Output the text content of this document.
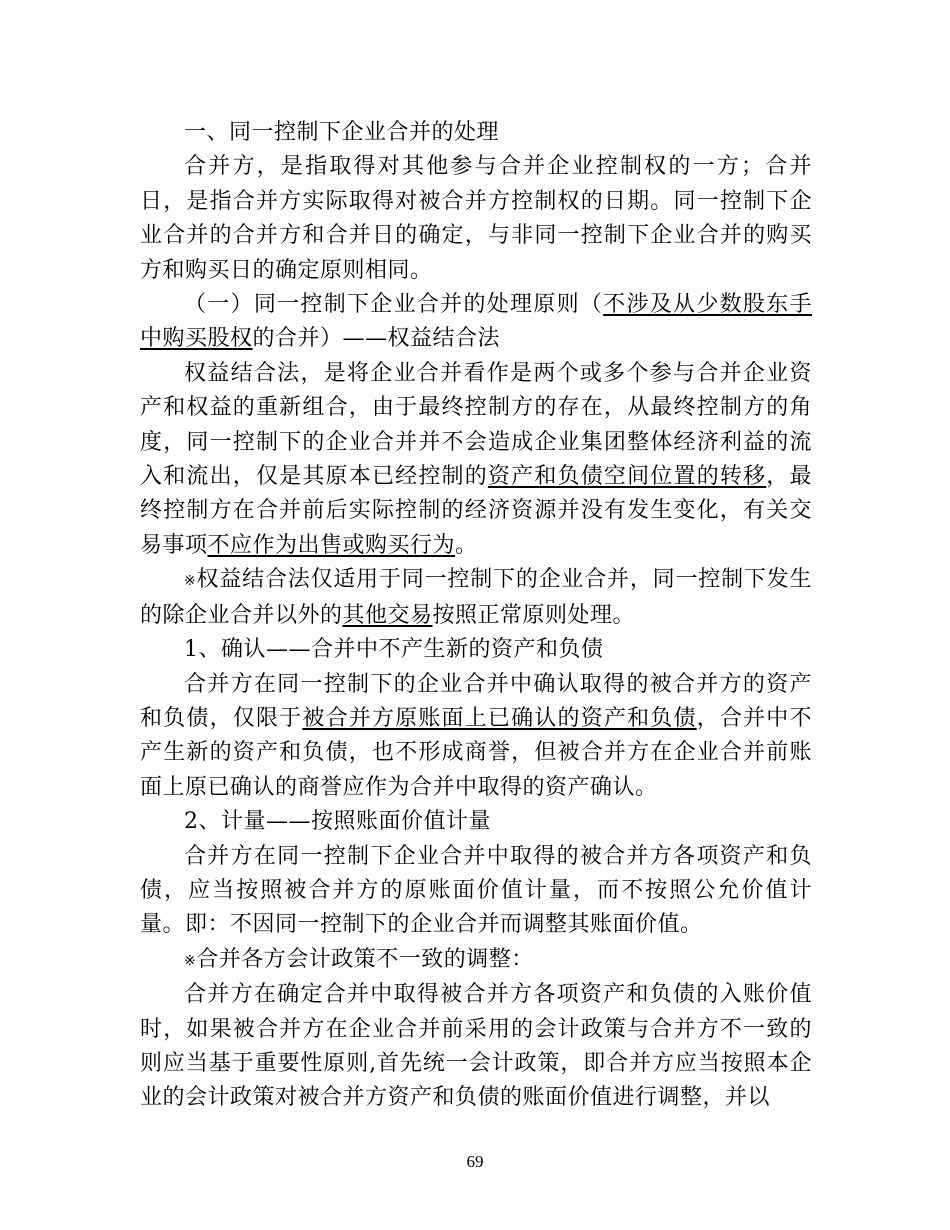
一、同一控制下企业合并的处理

合并方，是指取得对其他参与合并企业控制权的一方；合并日，是指合并方实际取得对被合并方控制权的日期。同一控制下企业合并的合并方和合并日的确定，与非同一控制下企业合并的购买方和购买日的确定原则相同。

（一）同一控制下企业合并的处理原则（不涉及从少数股东手中购买股权的合并）——权益结合法

权益结合法，是将企业合并看作是两个或多个参与合并企业资产和权益的重新组合，由于最终控制方的存在，从最终控制方的角度，同一控制下的企业合并并不会造成企业集团整体经济利益的流入和流出，仅是其原本已经控制的资产和负债空间位置的转移，最终控制方在合并前后实际控制的经济资源并没有发生变化，有关交易事项不应作为出售或购买行为。

※权益结合法仅适用于同一控制下的企业合并，同一控制下发生的除企业合并以外的其他交易按照正常原则处理。

1、确认——合并中不产生新的资产和负债

合并方在同一控制下的企业合并中确认取得的被合并方的资产和负债，仅限于被合并方原账面上已确认的资产和负债，合并中不产生新的资产和负债，也不形成商誉，但被合并方在企业合并前账面上原已确认的商誉应作为合并中取得的资产确认。

2、计量——按照账面价值计量

合并方在同一控制下企业合并中取得的被合并方各项资产和负债，应当按照被合并方的原账面价值计量，而不按照公允价值计量。即：不因同一控制下的企业合并而调整其账面价值。

※合并各方会计政策不一致的调整：

合并方在确定合并中取得被合并方各项资产和负债的入账价值时，如果被合并方在企业合并前采用的会计政策与合并方不一致的则应当基于重要性原则,首先统一会计政策，即合并方应当按照本企业的会计政策对被合并方资产和负债的账面价值进行调整，并以

69
